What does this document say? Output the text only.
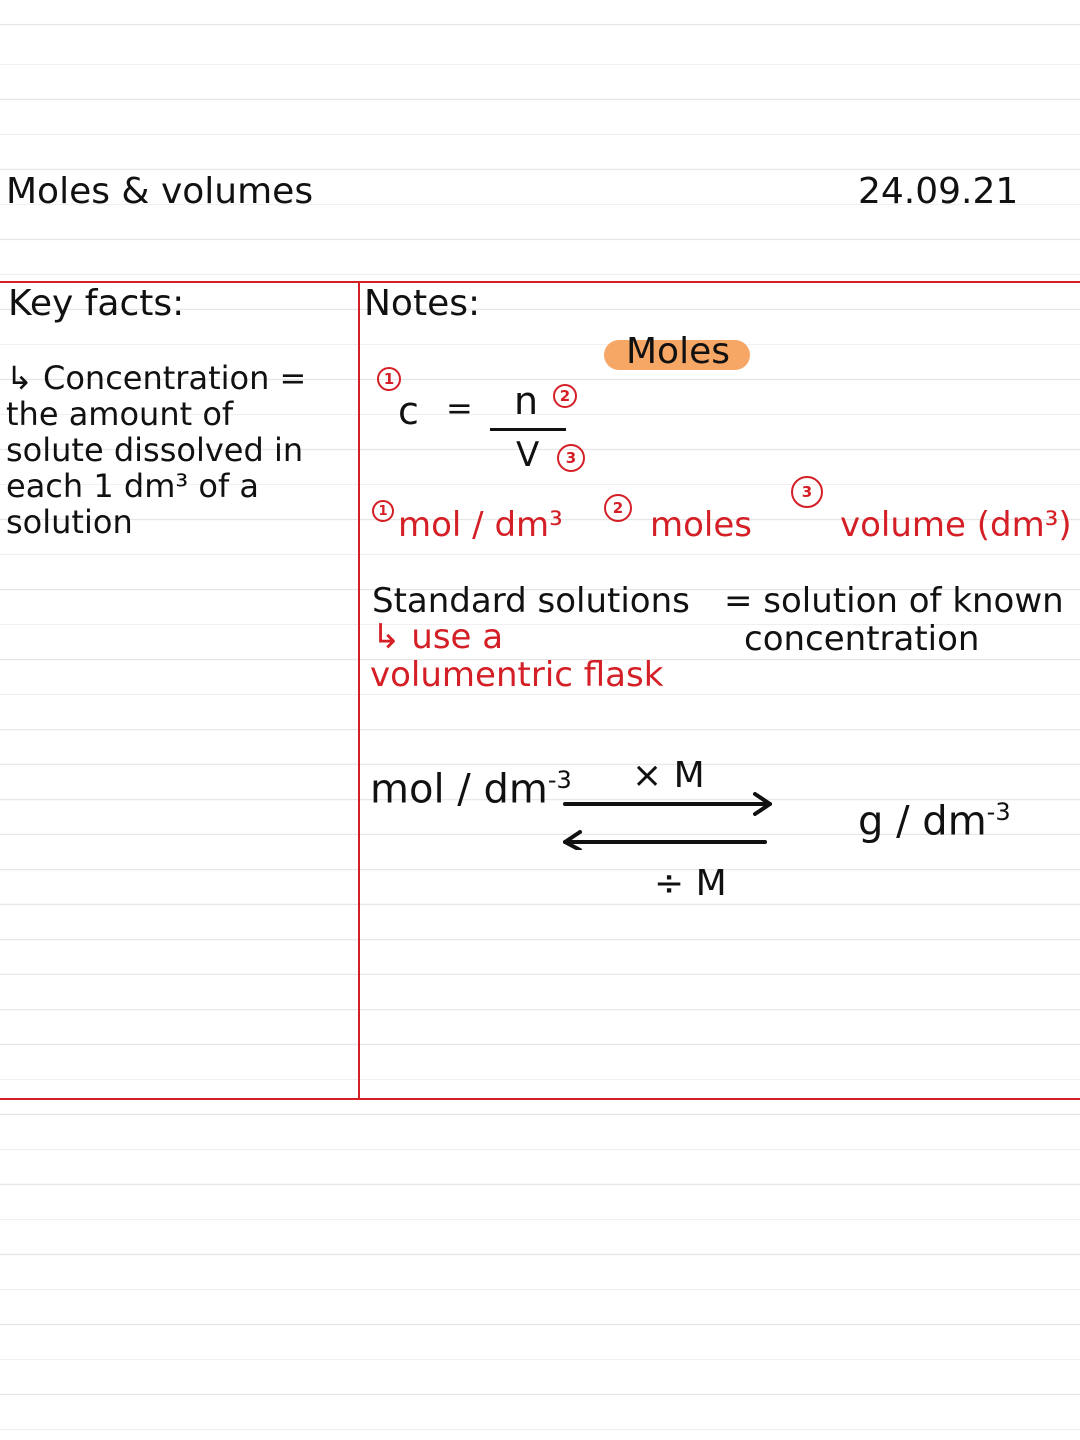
Moles & volumes	24.09.21
Key facts:
↳ Concentration =
the amount of
solute dissolved in
each 1 dm³ of a
solution
Notes:
Moles
1
c = n	2
V	3
1 mol / dm³	2 moles
3
volume (dm³)
Standard solutions = solution of known
concentration
↳ use a
volumentric flask
mol / $dm^{-3} \times M$
÷ M
g / $dm^{-3}$
